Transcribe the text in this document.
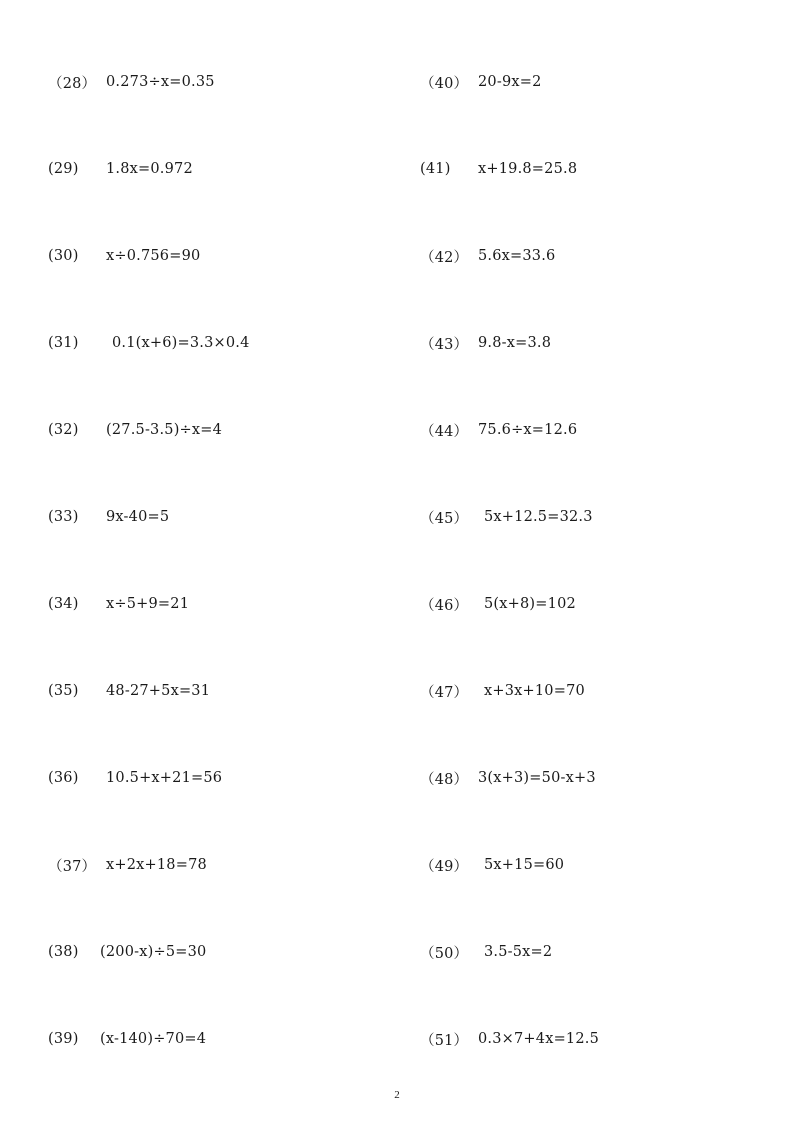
（28） 0.273÷x=0.35
(29)	1.8x=0.972
(30)	x÷0.756=90
(31)	0.1(x+6)=3.3×0.4
(32)	(27.5-3.5)÷x=4
(33)	9x-40=5
(34)	x÷5+9=21
(35)	48-27+5x=31
(36)	10.5+x+21=56
（37） x+2x+18=78
(38)	(200-x)÷5=30
(39)	(x-140)÷70=4
（40） 20-9x=2
(41)	x+19.8=25.8
（42） 5.6x=33.6
（43） 9.8-x=3.8
（44） 75.6÷x=12.6
（45）	5x+12.5=32.3
（46）	5(x+8)=102
（47）	x+3x+10=70
（48） 3(x+3)=50-x+3
（49）	5x+15=60
（50）	3.5-5x=2
（51） 0.3×7+4x=12.5
2
